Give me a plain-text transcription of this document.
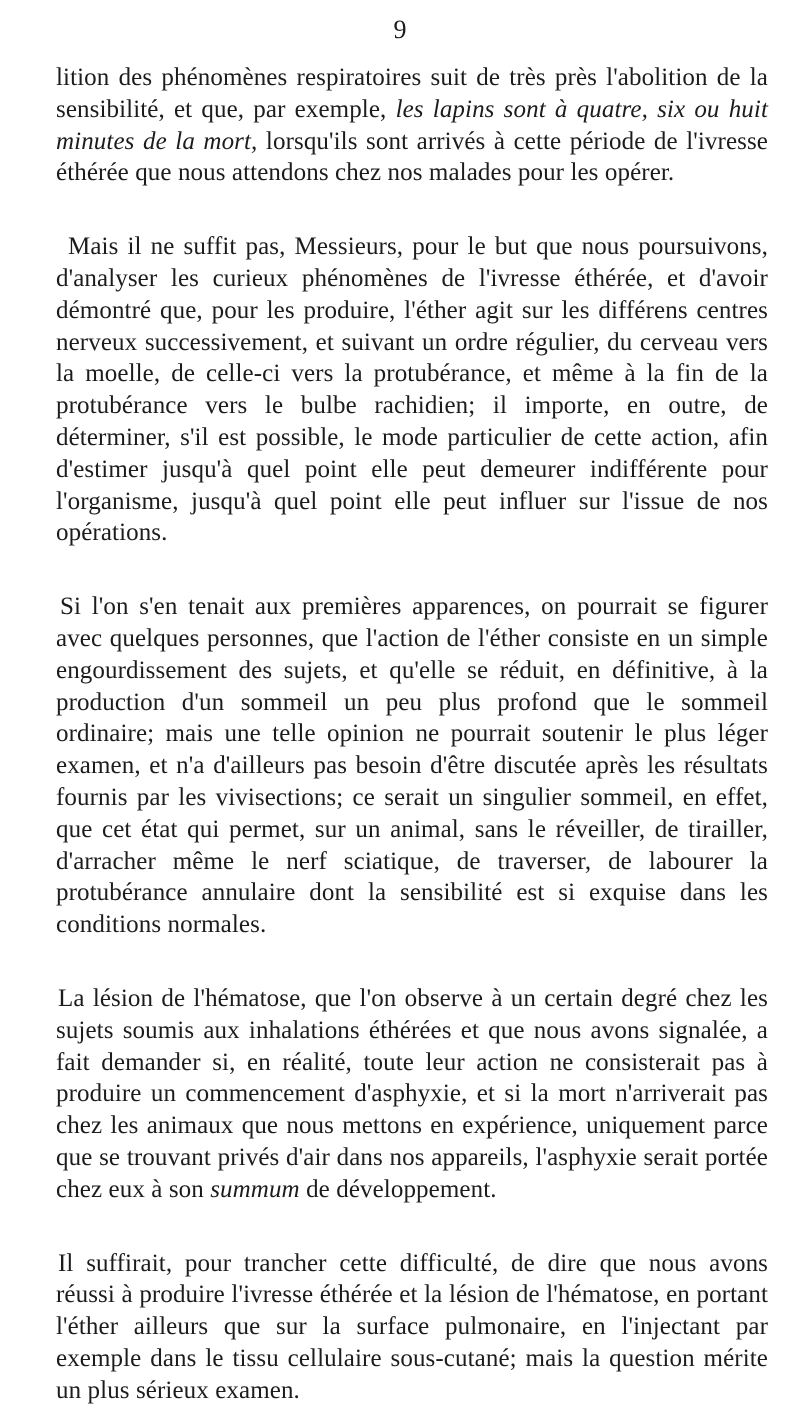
9

lition des phénomènes respiratoires suit de très près l'abolition de la sensibilité, et que, par exemple, les lapins sont à quatre, six ou huit minutes de la mort, lorsqu'ils sont arrivés à cette période de l'ivresse éthérée que nous attendons chez nos malades pour les opérer.

Mais il ne suffit pas, Messieurs, pour le but que nous poursuivons, d'analyser les curieux phénomènes de l'ivresse éthérée, et d'avoir démontré que, pour les produire, l'éther agit sur les différens centres nerveux successivement, et suivant un ordre régulier, du cerveau vers la moelle, de celle-ci vers la protubérance, et même à la fin de la protubérance vers le bulbe rachidien; il importe, en outre, de déterminer, s'il est possible, le mode particulier de cette action, afin d'estimer jusqu'à quel point elle peut demeurer indifférente pour l'organisme, jusqu'à quel point elle peut influer sur l'issue de nos opérations.

Si l'on s'en tenait aux premières apparences, on pourrait se figurer avec quelques personnes, que l'action de l'éther consiste en un simple engourdissement des sujets, et qu'elle se réduit, en définitive, à la production d'un sommeil un peu plus profond que le sommeil ordinaire; mais une telle opinion ne pourrait soutenir le plus léger examen, et n'a d'ailleurs pas besoin d'être discutée après les résultats fournis par les vivisections; ce serait un singulier sommeil, en effet, que cet état qui permet, sur un animal, sans le réveiller, de tirailler, d'arracher même le nerf sciatique, de traverser, de labourer la protubérance annulaire dont la sensibilité est si exquise dans les conditions normales.

La lésion de l'hématose, que l'on observe à un certain degré chez les sujets soumis aux inhalations éthérées et que nous avons signalée, a fait demander si, en réalité, toute leur action ne consisterait pas à produire un commencement d'asphyxie, et si la mort n'arriverait pas chez les animaux que nous mettons en expérience, uniquement parce que se trouvant privés d'air dans nos appareils, l'asphyxie serait portée chez eux à son summum de développement.

Il suffirait, pour trancher cette difficulté, de dire que nous avons réussi à produire l'ivresse éthérée et la lésion de l'hématose, en portant l'éther ailleurs que sur la surface pulmonaire, en l'injectant par exemple dans le tissu cellulaire sous-cutané; mais la question mérite un plus sérieux examen.
